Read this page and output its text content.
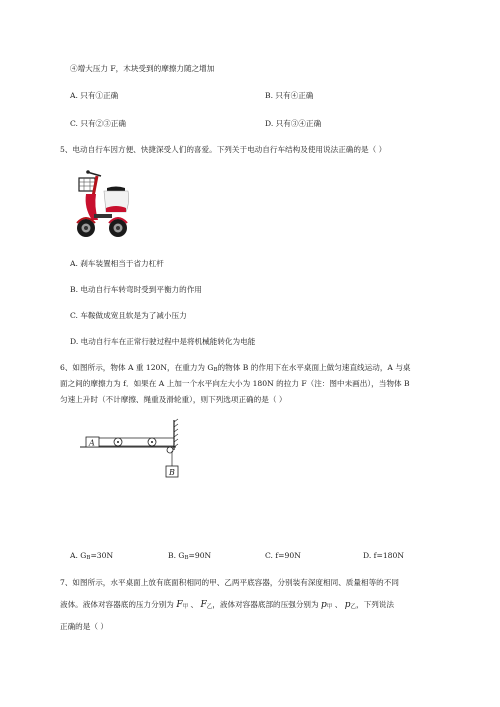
④增大压力 F，木块受到的摩擦力随之增加
A. 只有①正确	B. 只有④正确
C. 只有②③正确	D. 只有③④正确
5、电动自行车因方便、快捷深受人们的喜爱。下列关于电动自行车结构及使用说法正确的是（ ）
A. 刹车装置相当于省力杠杆
B. 电动自行车转弯时受到平衡力的作用
C. 车鞍做成宽且软是为了减小压力
D. 电动自行车在正常行驶过程中是将机械能转化为电能
6、如图所示，物体 A 重 120N，在重力为 GB的物体 B 的作用下在水平桌面上做匀速直线运动，A 与桌
面之间的摩擦力为 f．如果在 A 上加一个水平向左大小为 180N 的拉力 F（注：图中未画出），当物体 B
匀速上升时（不计摩擦、绳重及滑轮重），则下列选项正确的是（ ）
A
B
A. GB=30N	B. GB=90N	C. f=90N	D. f=180N
7、如图所示，水平桌面上放有底面积相同的甲、乙两平底容器，分别装有深度相同、质量相等的不同
液体。液体对容器底的压力分别为 F甲 、 F乙，液体对容器底部的压强分别为 p甲 、 p乙，下列说法
正确的是（ ）
